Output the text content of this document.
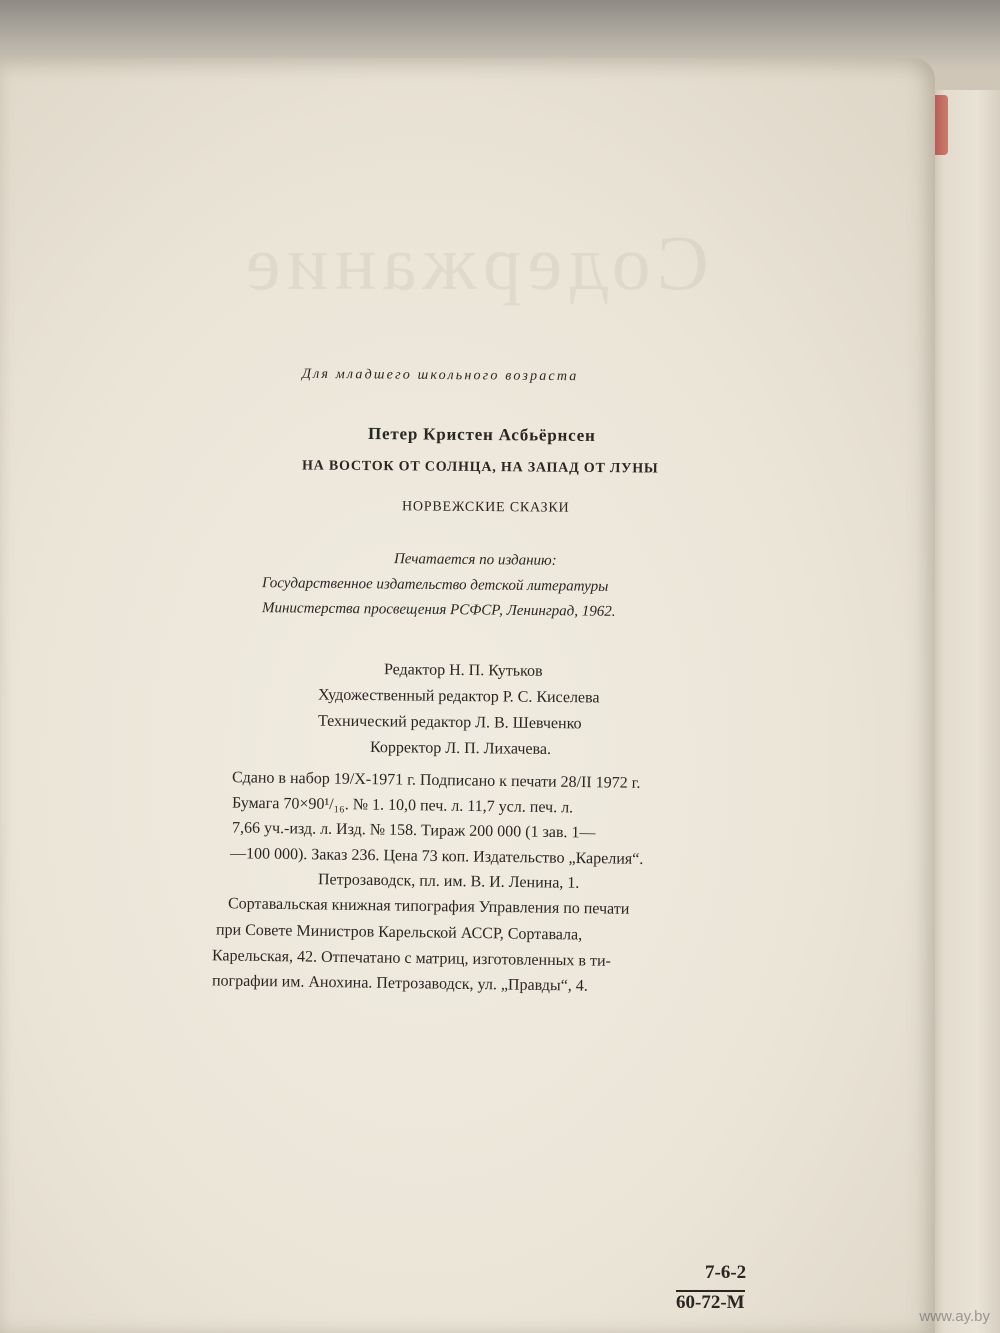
Содержание

Для младшего школьного возраста

Петер Кристен Асбьёрнсен

НА ВОСТОК ОТ СОЛНЦА, НА ЗАПАД ОТ ЛУНЫ

НОРВЕЖСКИЕ СКАЗКИ

Печатается по изданию:

Государственное издательство детской литературы

Министерства просвещения РСФСР, Ленинград, 1962.

Редактор Н. П. Кутьков

Художественный редактор Р. С. Киселева

Технический редактор Л. В. Шевченко

Корректор Л. П. Лихачева.

Сдано в набор 19/X-1971 г. Подписано к печати 28/II 1972 г.

Бумага 70×90¹/₁₆. № 1. 10,0 печ. л. 11,7 усл. печ. л.

7,66 уч.-изд. л. Изд. № 158. Тираж 200 000 (1 зав. 1—

—100 000). Заказ 236. Цена 73 коп. Издательство „Карелия“.

Петрозаводск, пл. им. В. И. Ленина, 1.

Сортавальская книжная типография Управления по печати

при Совете Министров Карельской АССР, Сортавала,

Карельская, 42. Отпечатано с матриц, изготовленных в ти-

пографии им. Анохина. Петрозаводск, ул. „Правды“, 4.

7-6-2

60-72-М

www.ay.by
